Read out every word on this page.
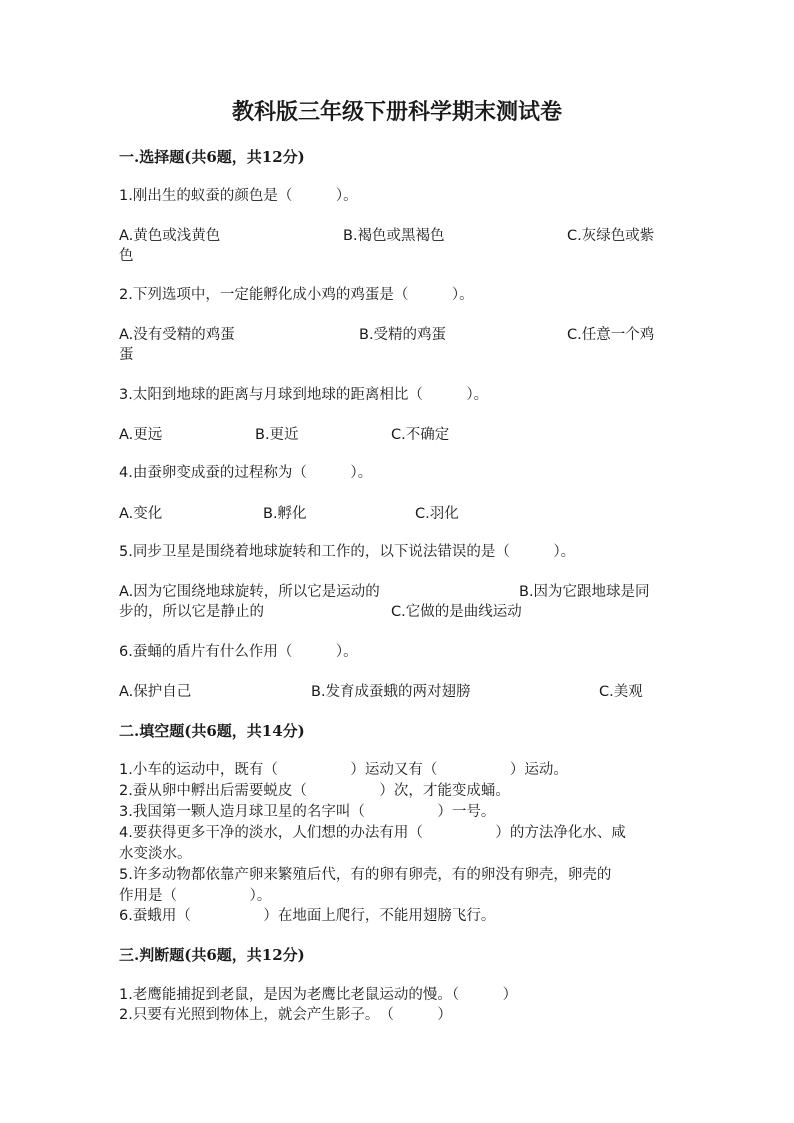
教科版三年级下册科学期末测试卷
一.选择题(共6题，共12分)
1.刚出生的蚁蚕的颜色是（　　　）。
A.黄色或浅黄色	B.褐色或黑褐色	C.灰绿色或紫
色
2.下列选项中，一定能孵化成小鸡的鸡蛋是（　　　）。
A.没有受精的鸡蛋	B.受精的鸡蛋	C.任意一个鸡
蛋
3.太阳到地球的距离与月球到地球的距离相比（　　　）。
A.更远	B.更近	C.不确定
4.由蚕卵变成蚕的过程称为（　　　）。
A.变化	B.孵化	C.羽化
5.同步卫星是围绕着地球旋转和工作的，以下说法错误的是（　　　）。
A.因为它围绕地球旋转，所以它是运动的	B.因为它跟地球是同
步的，所以它是静止的	C.它做的是曲线运动
6.蚕蛹的盾片有什么作用（　　　）。
A.保护自己	B.发育成蚕蛾的两对翅膀	C.美观
二.填空题(共6题，共14分)
1.小车的运动中，既有（　　　　　）运动又有（　　　　　）运动。
2.蚕从卵中孵出后需要蜕皮（　　　　　）次，才能变成蛹。
3.我国第一颗人造月球卫星的名字叫（　　　　　）一号。
4.要获得更多干净的淡水，人们想的办法有用（　　　　　）的方法净化水、咸
水变淡水。
5.许多动物都依靠产卵来繁殖后代，有的卵有卵壳，有的卵没有卵壳，卵壳的
作用是（　　　　　）。
6.蚕蛾用（　　　　　）在地面上爬行，不能用翅膀飞行。
三.判断题(共6题，共12分)
1.老鹰能捕捉到老鼠，是因为老鹰比老鼠运动的慢。（　　　）
2.只要有光照到物体上，就会产生影子。　（　　　）
